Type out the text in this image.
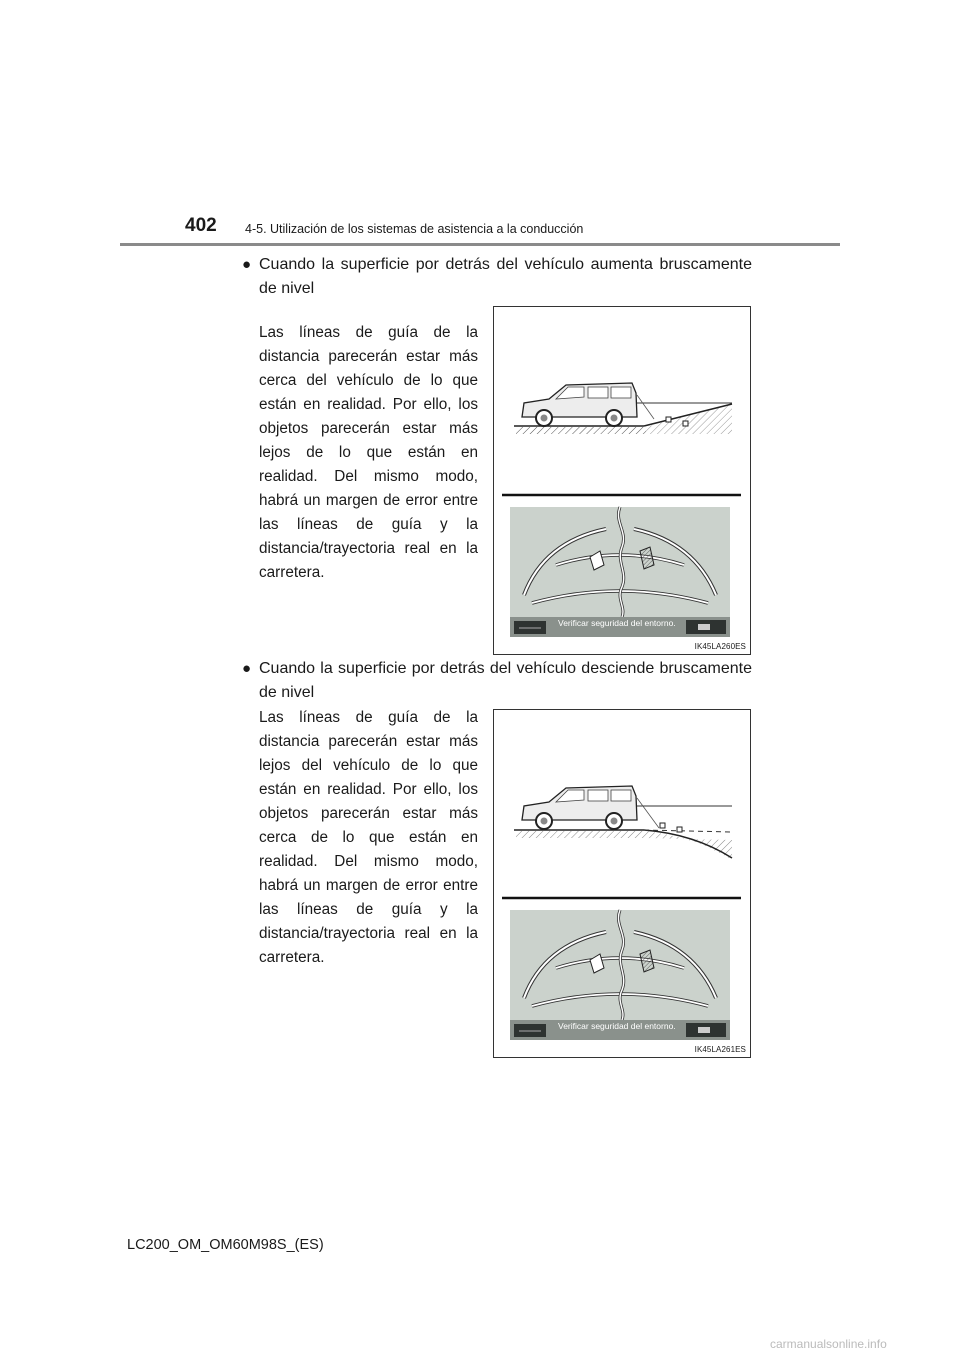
402 4-5. Utilización de los sistemas de asistencia a la conducción
● Cuando la superficie por detrás del vehículo aumenta bruscamente de nivel
Las líneas de guía de la distancia parecerán estar más cerca del vehículo de lo que están en realidad. Por ello, los objetos parecerán estar más lejos de lo que están en realidad. Del mismo modo, habrá un margen de error entre las líneas de guía y la distancia/trayectoria real en la carretera.
Verificar seguridad del entorno.
IK45LA260ES
● Cuando la superficie por detrás del vehículo desciende bruscamente de nivel
Las líneas de guía de la distancia parecerán estar más lejos del vehículo de lo que están en realidad. Por ello, los objetos parecerán estar más cerca de lo que están en realidad. Del mismo modo, habrá un margen de error entre las líneas de guía y la distancia/trayectoria real en la carretera.
Verificar seguridad del entorno.
IK45LA261ES
LC200_OM_OM60M98S_(ES)
carmanualsonline.info
